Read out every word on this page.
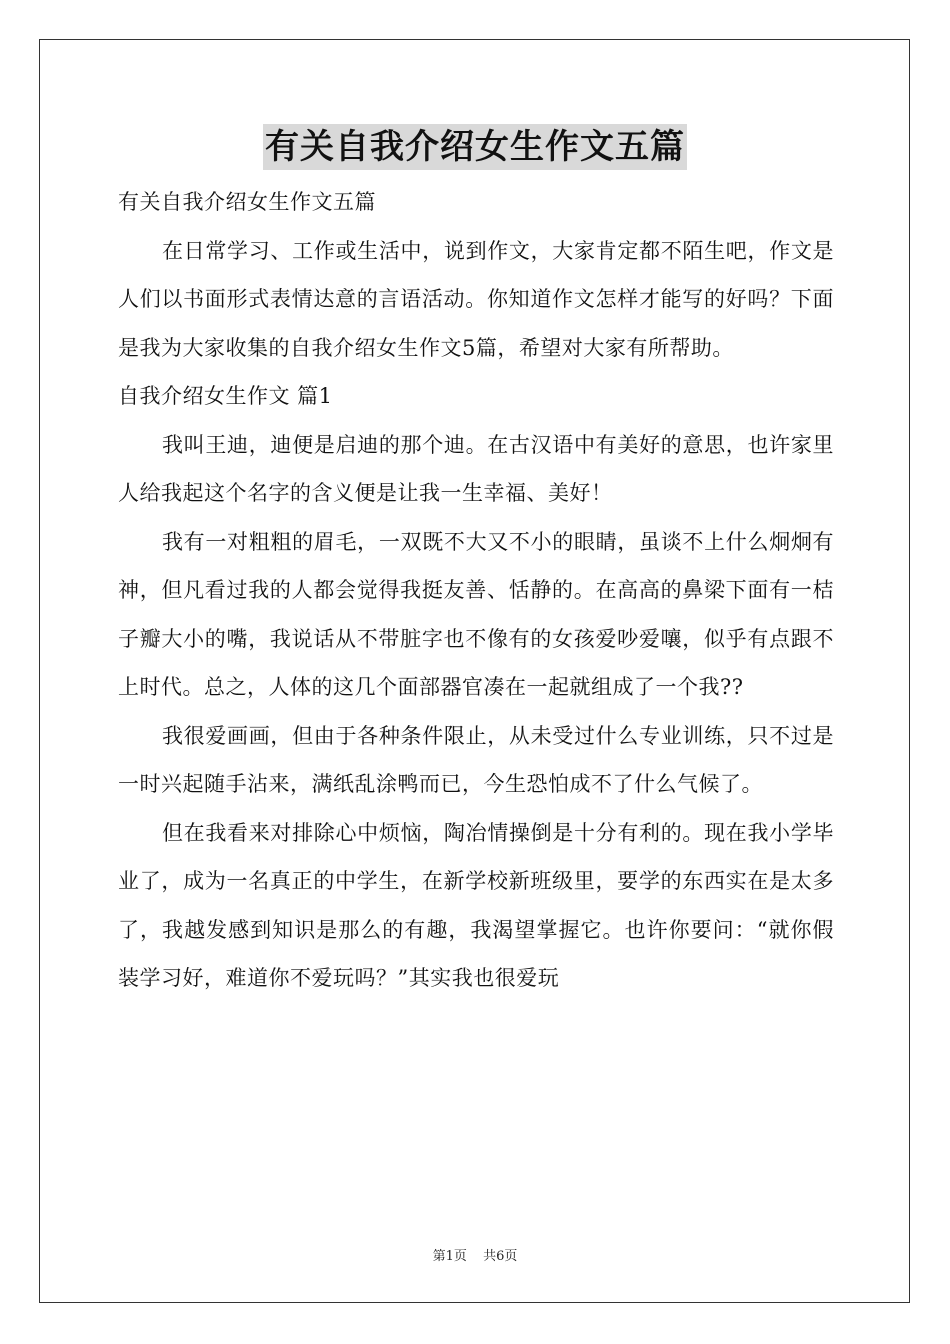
有关自我介绍女生作文五篇

有关自我介绍女生作文五篇

在日常学习、工作或生活中，说到作文，大家肯定都不陌生吧，作文是人们以书面形式表情达意的言语活动。你知道作文怎样才能写的好吗？下面是我为大家收集的自我介绍女生作文5篇，希望对大家有所帮助。

自我介绍女生作文 篇1

我叫王迪，迪便是启迪的那个迪。在古汉语中有美好的意思，也许家里人给我起这个名字的含义便是让我一生幸福、美好！

我有一对粗粗的眉毛，一双既不大又不小的眼睛，虽谈不上什么炯炯有神，但凡看过我的人都会觉得我挺友善、恬静的。在高高的鼻梁下面有一桔子瓣大小的嘴，我说话从不带脏字也不像有的女孩爱吵爱嚷，似乎有点跟不上时代。总之，人体的这几个面部器官凑在一起就组成了一个我??

我很爱画画，但由于各种条件限止，从未受过什么专业训练，只不过是一时兴起随手沾来，满纸乱涂鸭而已，今生恐怕成不了什么气候了。

但在我看来对排除心中烦恼，陶冶情操倒是十分有利的。现在我小学毕业了，成为一名真正的中学生，在新学校新班级里，要学的东西实在是太多了，我越发感到知识是那么的有趣，我渴望掌握它。也许你要问：“就你假装学习好，难道你不爱玩吗？”其实我也很爱玩

第1页 共6页
